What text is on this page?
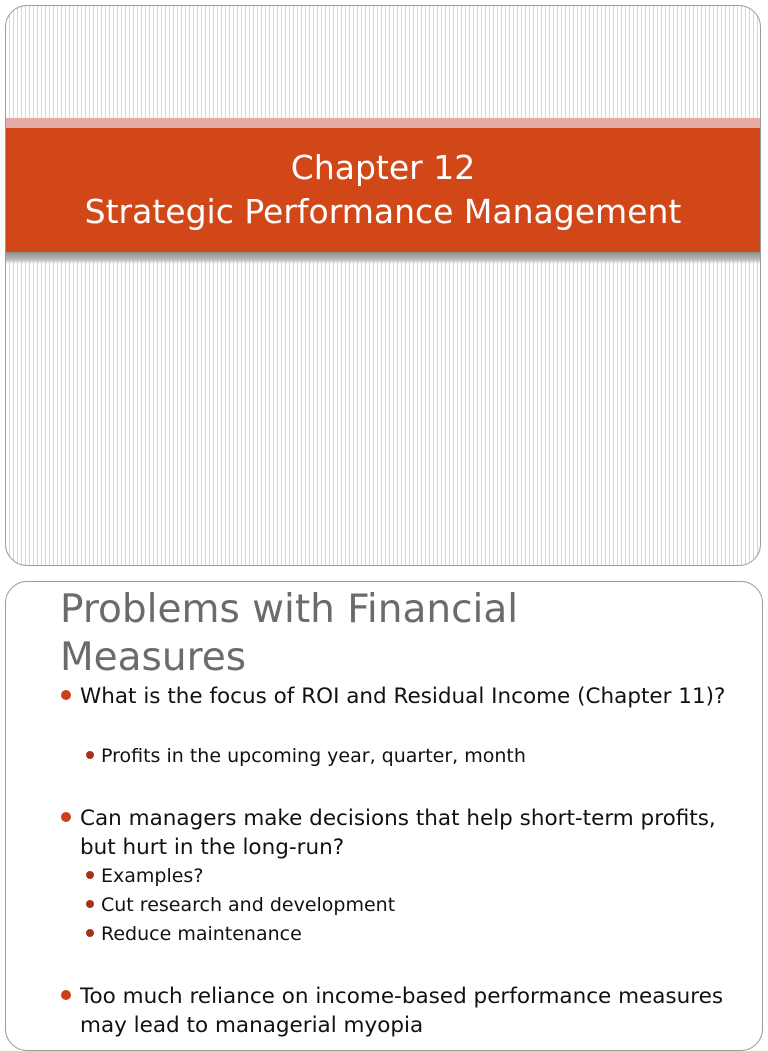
Chapter 12
Strategic Performance Management
Problems with Financial Measures
What is the focus of ROI and Residual Income (Chapter 11)?
Profits in the upcoming year, quarter, month
Can managers make decisions that help short-term profits, but hurt in the long-run?
Examples?
Cut research and development
Reduce maintenance
Too much reliance on income-based performance measures may lead to managerial myopia
